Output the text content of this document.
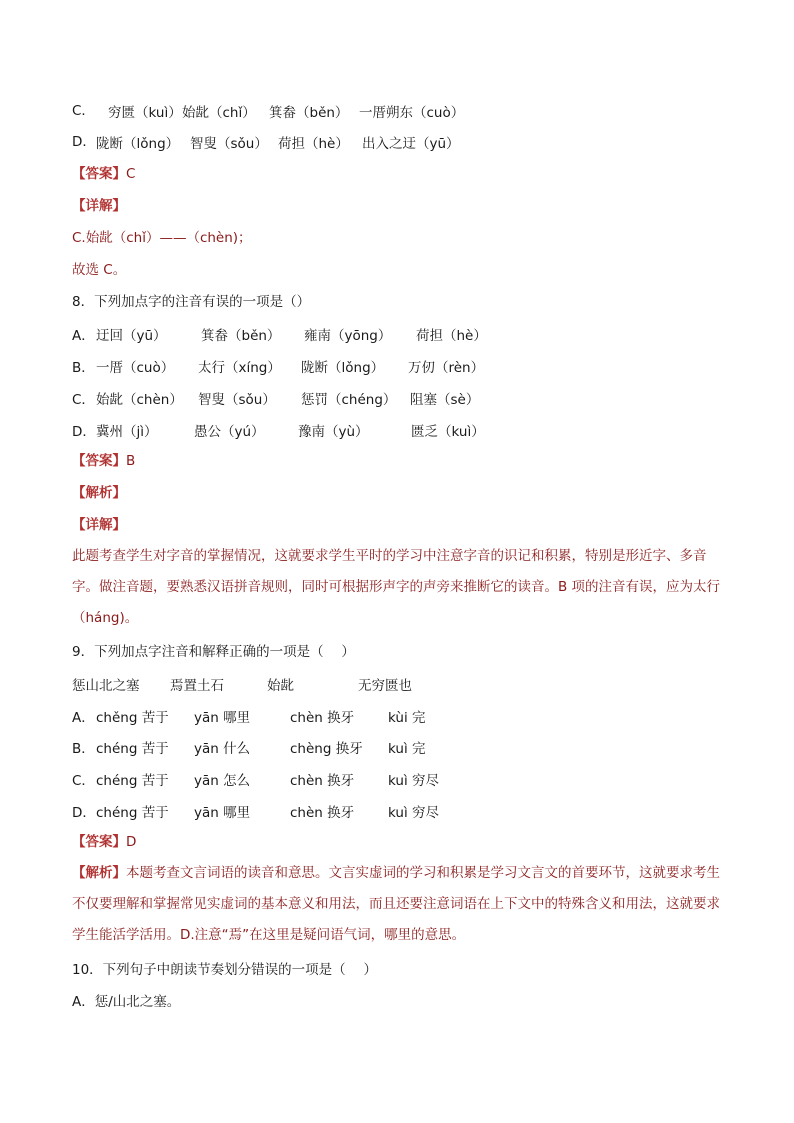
C． 穷匮（kuì） 始龀（chǐ） 箕畚（běn） 一厝朔东（cuò）
D． 陇断（lǒng） 智叟（sǒu） 荷担（hè） 出入之迂（yū）
【答案】C
【详解】
C.始龀（chǐ）——（chèn)；
故选 C。
8．下列加点字的注音有误的一项是（）
A． 迂回（yū）	箕畚（běn） 雍南（yōng） 荷担（hè）
B． 一厝（cuò） 太行（xíng） 陇断（lǒng） 万仞（rèn）
C． 始龀（chèn） 智叟（sǒu） 惩罚（chéng） 阻塞（sè）
D． 冀州（jì）	愚公（yú） 豫南（yù）	匮乏（kuì）
【答案】B
【解析】
【详解】
此题考查学生对字音的掌握情况，这就要求学生平时的学习中注意字音的识记和积累，特别是形近字、多音字。做注音题，要熟悉汉语拼音规则，同时可根据形声字的声旁来推断它的读音。B 项的注音有误，应为太行（háng)。
9．下列加点字注音和解释正确的一项是（　 ）
惩山北之塞 焉置土石	始龀	无穷匮也
A． chěng 苦于 yān 哪里	chèn 换牙	kùi 完
B． chéng 苦于 yān 什么	chèng 换牙 kuì 完
C． chéng 苦于 yān 怎么	chèn 换牙	kuì 穷尽
D． chéng 苦于 yān 哪里	chèn 换牙	kuì 穷尽
【答案】D
【解析】本题考查文言词语的读音和意思。文言实虚词的学习和积累是学习文言文的首要环节，这就要求考生不仅要理解和掌握常见实虚词的基本意义和用法，而且还要注意词语在上下文中的特殊含义和用法，这就要求学生能活学活用。D.注意“焉”在这里是疑问语气词，哪里的意思。
10．下列句子中朗读节奏划分错误的一项是（　 ）
A．惩/山北之塞。
